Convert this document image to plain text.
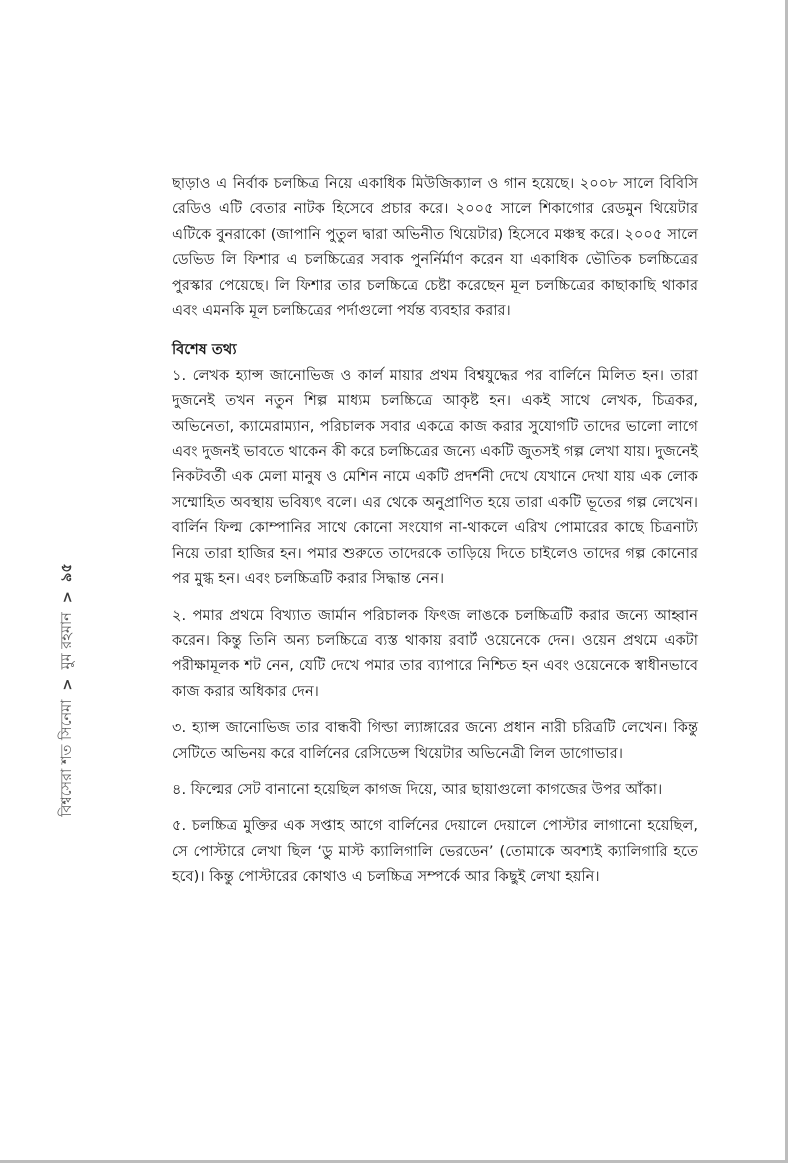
বিশ্বসেরা শত সিনেমা
>
মুম রহমান
>
৯৫

ছাড়াও এ নির্বাক চলচ্চিত্র নিয়ে একাধিক মিউজিক্যাল ও গান হয়েছে। ২০০৮ সালে বিবিসি রেডিও এটি বেতার নাটক হিসেবে প্রচার করে। ২০০৫ সালে শিকাগোর রেডমুন থিয়েটার এটিকে বুনরাকো (জাপানি পুতুল দ্বারা অভিনীত থিয়েটার) হিসেবে মঞ্চস্থ করে। ২০০৫ সালে ডেভিড লি ফিশার এ চলচ্চিত্রের সবাক পুনর্নির্মাণ করেন যা একাধিক ভৌতিক চলচ্চিত্রের পুরস্কার পেয়েছে। লি ফিশার তার চলচ্চিত্রে চেষ্টা করেছেন মূল চলচ্চিত্রের কাছাকাছি থাকার এবং এমনকি মূল চলচ্চিত্রের পর্দাগুলো পর্যন্ত ব্যবহার করার।

বিশেষ তথ্য

১. লেখক হ্যান্স জানোভিজ ও কার্ল মায়ার প্রথম বিশ্বযুদ্ধের পর বার্লিনে মিলিত হন। তারা দুজনেই তখন নতুন শিল্প মাধ্যম চলচ্চিত্রে আকৃষ্ট হন। একই সাথে লেখক, চিত্রকর, অভিনেতা, ক্যামেরাম্যান, পরিচালক সবার একত্রে কাজ করার সুযোগটি তাদের ভালো লাগে এবং দুজনই ভাবতে থাকেন কী করে চলচ্চিত্রের জন্যে একটি জুতসই গল্প লেখা যায়। দুজনেই নিকটবর্তী এক মেলা মানুষ ও মেশিন নামে একটি প্রদর্শনী দেখে যেখানে দেখা যায় এক লোক সম্মোহিত অবস্থায় ভবিষ্যৎ বলে। এর থেকে অনুপ্রাণিত হয়ে তারা একটি ভূতের গল্প লেখেন। বার্লিন ফিল্ম কোম্পানির সাথে কোনো সংযোগ না-থাকলে এরিখ পোমারের কাছে চিত্রনাট্য নিয়ে তারা হাজির হন। পমার শুরুতে তাদেরকে তাড়িয়ে দিতে চাইলেও তাদের গল্প কোনোর পর মুগ্ধ হন। এবং চলচ্চিত্রটি করার সিদ্ধান্ত নেন।

২. পমার প্রথমে বিখ্যাত জার্মান পরিচালক ফিৎজ লাঙকে চলচ্চিত্রটি করার জন্যে আহ্বান করেন। কিন্তু তিনি অন্য চলচ্চিত্রে ব্যস্ত থাকায় রবার্ট ওয়েনেকে দেন। ওয়েন প্রথমে একটা পরীক্ষামূলক শট নেন, যেটি দেখে পমার তার ব্যাপারে নিশ্চিত হন এবং ওয়েনেকে স্বাধীনভাবে কাজ করার অধিকার দেন।

৩. হ্যান্স জানোভিজ তার বান্ধবী গিল্ডা ল্যাঙ্গারের জন্যে প্রধান নারী চরিত্রটি লেখেন। কিন্তু সেটিতে অভিনয় করে বার্লিনের রেসিডেন্স থিয়েটার অভিনেত্রী লিল ডাগোভার।

৪. ফিল্মের সেট বানানো হয়েছিল কাগজ দিয়ে, আর ছায়াগুলো কাগজের উপর আঁকা।

৫. চলচ্চিত্র মুক্তির এক সপ্তাহ আগে বার্লিনের দেয়ালে দেয়ালে পোস্টার লাগানো হয়েছিল, সে পোস্টারে লেখা ছিল ‘ডু মাস্ট ক্যালিগালি ভেরডেন’ (তোমাকে অবশ্যই ক্যালিগারি হতে হবে)। কিন্তু পোস্টারের কোথাও এ চলচ্চিত্র সম্পর্কে আর কিছুই লেখা হয়নি।
